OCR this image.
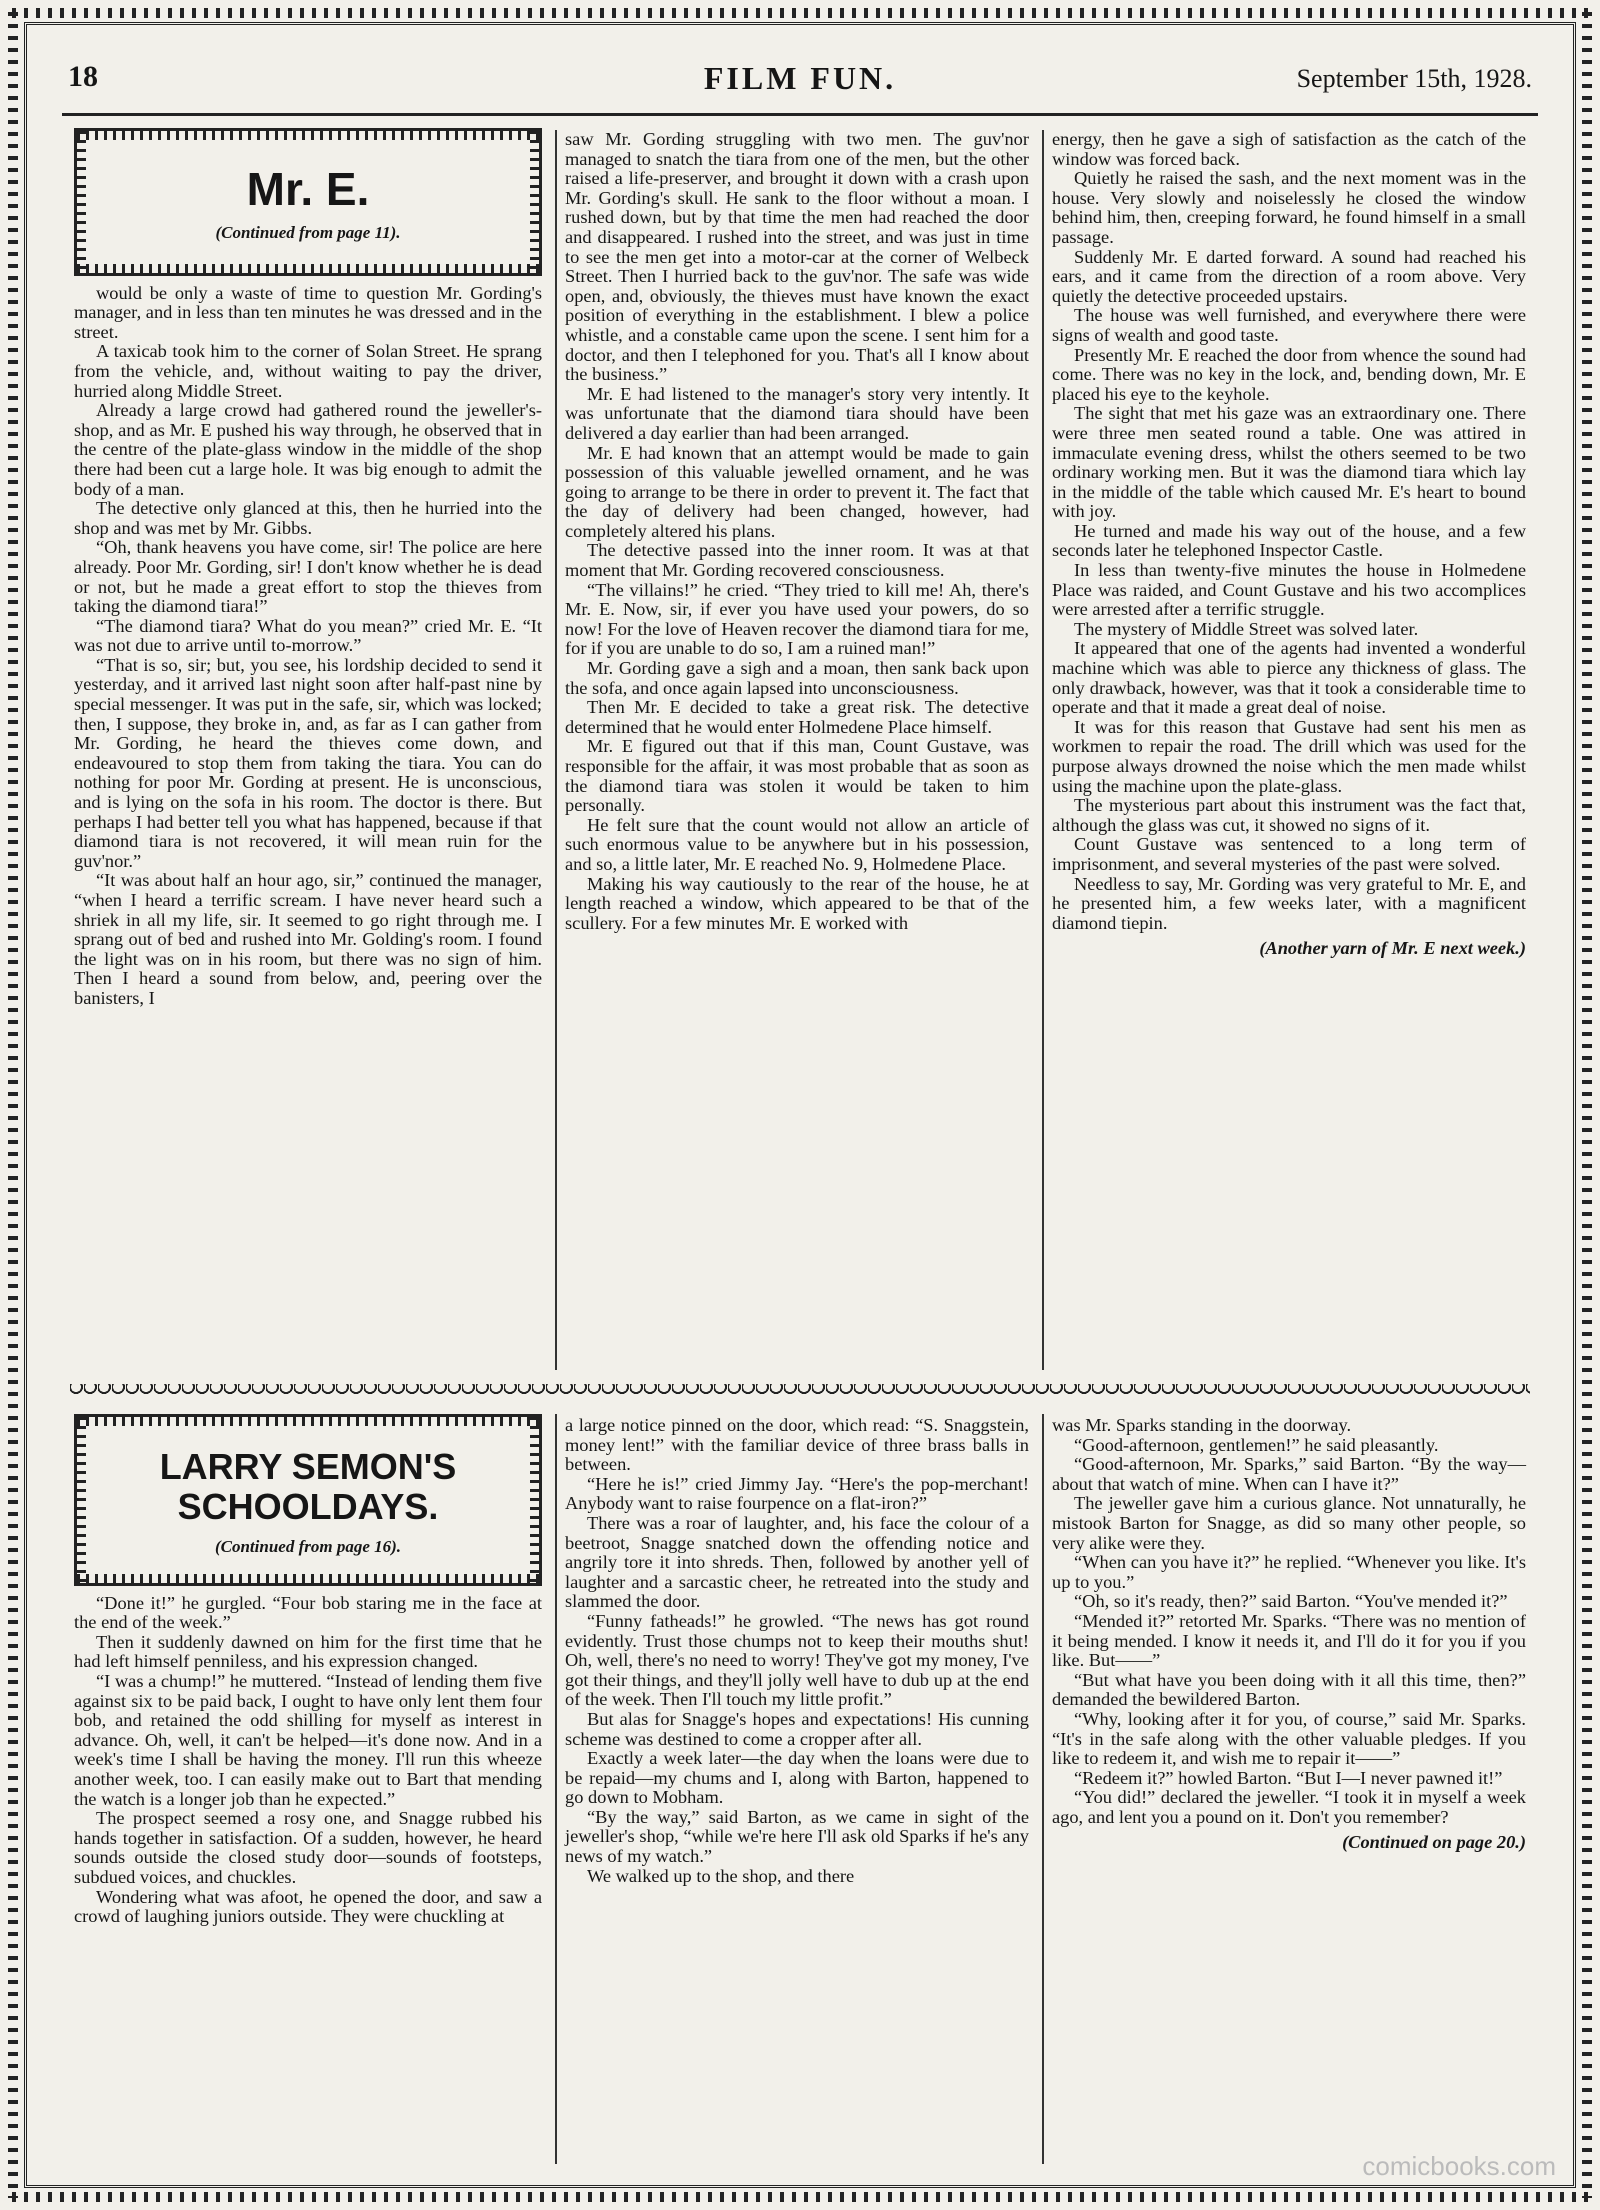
18	FILM FUN.	September 15th, 1928.
Mr. E.
(Continued from page 11).

would be only a waste of time to question Mr. Gording's manager, and in less than ten minutes he was dressed and in the street.

A taxicab took him to the corner of Solan Street. He sprang from the vehicle, and, without waiting to pay the driver, hurried along Middle Street.

Already a large crowd had gathered round the jeweller's-shop, and as Mr. E pushed his way through, he observed that in the centre of the plate-glass window in the middle of the shop there had been cut a large hole. It was big enough to admit the body of a man.

The detective only glanced at this, then he hurried into the shop and was met by Mr. Gibbs.

“Oh, thank heavens you have come, sir! The police are here already. Poor Mr. Gording, sir! I don't know whether he is dead or not, but he made a great effort to stop the thieves from taking the diamond tiara!”

“The diamond tiara? What do you mean?” cried Mr. E. “It was not due to arrive until to-morrow.”

“That is so, sir; but, you see, his lordship decided to send it yesterday, and it arrived last night soon after half-past nine by special messenger. It was put in the safe, sir, which was locked; then, I suppose, they broke in, and, as far as I can gather from Mr. Gording, he heard the thieves come down, and endeavoured to stop them from taking the tiara. You can do nothing for poor Mr. Gording at present. He is unconscious, and is lying on the sofa in his room. The doctor is there. But perhaps I had better tell you what has happened, because if that diamond tiara is not recovered, it will mean ruin for the guv'nor.”

“It was about half an hour ago, sir,” continued the manager, “when I heard a terrific scream. I have never heard such a shriek in all my life, sir. It seemed to go right through me. I sprang out of bed and rushed into Mr. Golding's room. I found the light was on in his room, but there was no sign of him. Then I heard a sound from below, and, peering over the banisters, I

saw Mr. Gording struggling with two men. The guv'nor managed to snatch the tiara from one of the men, but the other raised a life-preserver, and brought it down with a crash upon Mr. Gording's skull. He sank to the floor without a moan. I rushed down, but by that time the men had reached the door and disappeared. I rushed into the street, and was just in time to see the men get into a motor-car at the corner of Welbeck Street. Then I hurried back to the guv'nor. The safe was wide open, and, obviously, the thieves must have known the exact position of everything in the establishment. I blew a police whistle, and a constable came upon the scene. I sent him for a doctor, and then I telephoned for you. That's all I know about the business.”

Mr. E had listened to the manager's story very intently. It was unfortunate that the diamond tiara should have been delivered a day earlier than had been arranged.

Mr. E had known that an attempt would be made to gain possession of this valuable jewelled ornament, and he was going to arrange to be there in order to prevent it. The fact that the day of delivery had been changed, however, had completely altered his plans.

The detective passed into the inner room. It was at that moment that Mr. Gording recovered consciousness.

“The villains!” he cried. “They tried to kill me! Ah, there's Mr. E. Now, sir, if ever you have used your powers, do so now! For the love of Heaven recover the diamond tiara for me, for if you are unable to do so, I am a ruined man!”

Mr. Gording gave a sigh and a moan, then sank back upon the sofa, and once again lapsed into unconsciousness.

Then Mr. E decided to take a great risk. The detective determined that he would enter Holmedene Place himself.

Mr. E figured out that if this man, Count Gustave, was responsible for the affair, it was most probable that as soon as the diamond tiara was stolen it would be taken to him personally.

He felt sure that the count would not allow an article of such enormous value to be anywhere but in his possession, and so, a little later, Mr. E reached No. 9, Holmedene Place.

Making his way cautiously to the rear of the house, he at length reached a window, which appeared to be that of the scullery. For a few minutes Mr. E worked with

energy, then he gave a sigh of satisfaction as the catch of the window was forced back.

Quietly he raised the sash, and the next moment was in the house. Very slowly and noiselessly he closed the window behind him, then, creeping forward, he found himself in a small passage.

Suddenly Mr. E darted forward. A sound had reached his ears, and it came from the direction of a room above. Very quietly the detective proceeded upstairs.

The house was well furnished, and everywhere there were signs of wealth and good taste.

Presently Mr. E reached the door from whence the sound had come. There was no key in the lock, and, bending down, Mr. E placed his eye to the keyhole.

The sight that met his gaze was an extraordinary one. There were three men seated round a table. One was attired in immaculate evening dress, whilst the others seemed to be two ordinary working men. But it was the diamond tiara which lay in the middle of the table which caused Mr. E's heart to bound with joy.

He turned and made his way out of the house, and a few seconds later he telephoned Inspector Castle.

In less than twenty-five minutes the house in Holmedene Place was raided, and Count Gustave and his two accomplices were arrested after a terrific struggle.

The mystery of Middle Street was solved later.

It appeared that one of the agents had invented a wonderful machine which was able to pierce any thickness of glass. The only drawback, however, was that it took a considerable time to operate and that it made a great deal of noise.

It was for this reason that Gustave had sent his men as workmen to repair the road. The drill which was used for the purpose always drowned the noise which the men made whilst using the machine upon the plate-glass.

The mysterious part about this instrument was the fact that, although the glass was cut, it showed no signs of it.

Count Gustave was sentenced to a long term of imprisonment, and several mysteries of the past were solved.

Needless to say, Mr. Gording was very grateful to Mr. E, and he presented him, a few weeks later, with a magnificent diamond tiepin.

(Another yarn of Mr. E next week.)

LARRY SEMON'S
SCHOOLDAYS.
(Continued from page 16).

“Done it!” he gurgled. “Four bob staring me in the face at the end of the week.”

Then it suddenly dawned on him for the first time that he had left himself penniless, and his expression changed.

“I was a chump!” he muttered. “Instead of lending them five against six to be paid back, I ought to have only lent them four bob, and retained the odd shilling for myself as interest in advance. Oh, well, it can't be helped—it's done now. And in a week's time I shall be having the money. I'll run this wheeze another week, too. I can easily make out to Bart that mending the watch is a longer job than he expected.”

The prospect seemed a rosy one, and Snagge rubbed his hands together in satisfaction. Of a sudden, however, he heard sounds outside the closed study door—sounds of footsteps, subdued voices, and chuckles.

Wondering what was afoot, he opened the door, and saw a crowd of laughing juniors outside. They were chuckling at

a large notice pinned on the door, which read: “S. Snaggstein, money lent!” with the familiar device of three brass balls in between.

“Here he is!” cried Jimmy Jay. “Here's the pop-merchant! Anybody want to raise fourpence on a flat-iron?”

There was a roar of laughter, and, his face the colour of a beetroot, Snagge snatched down the offending notice and angrily tore it into shreds. Then, followed by another yell of laughter and a sarcastic cheer, he retreated into the study and slammed the door.

“Funny fatheads!” he growled. “The news has got round evidently. Trust those chumps not to keep their mouths shut! Oh, well, there's no need to worry! They've got my money, I've got their things, and they'll jolly well have to dub up at the end of the week. Then I'll touch my little profit.”

But alas for Snagge's hopes and expectations! His cunning scheme was destined to come a cropper after all.

Exactly a week later—the day when the loans were due to be repaid—my chums and I, along with Barton, happened to go down to Mobham.

“By the way,” said Barton, as we came in sight of the jeweller's shop, “while we're here I'll ask old Sparks if he's any news of my watch.”

We walked up to the shop, and there

was Mr. Sparks standing in the doorway.

“Good-afternoon, gentlemen!” he said pleasantly.

“Good-afternoon, Mr. Sparks,” said Barton. “By the way—about that watch of mine. When can I have it?”

The jeweller gave him a curious glance. Not unnaturally, he mistook Barton for Snagge, as did so many other people, so very alike were they.

“When can you have it?” he replied. “Whenever you like. It's up to you.”

“Oh, so it's ready, then?” said Barton. “You've mended it?”

“Mended it?” retorted Mr. Sparks. “There was no mention of it being mended. I know it needs it, and I'll do it for you if you like. But——”

“But what have you been doing with it all this time, then?” demanded the bewildered Barton.

“Why, looking after it for you, of course,” said Mr. Sparks. “It's in the safe along with the other valuable pledges. If you like to redeem it, and wish me to repair it——”

“Redeem it?” howled Barton. “But I—I never pawned it!”

“You did!” declared the jeweller. “I took it in myself a week ago, and lent you a pound on it. Don't you remember?

(Continued on page 20.)

comicbooks.com
